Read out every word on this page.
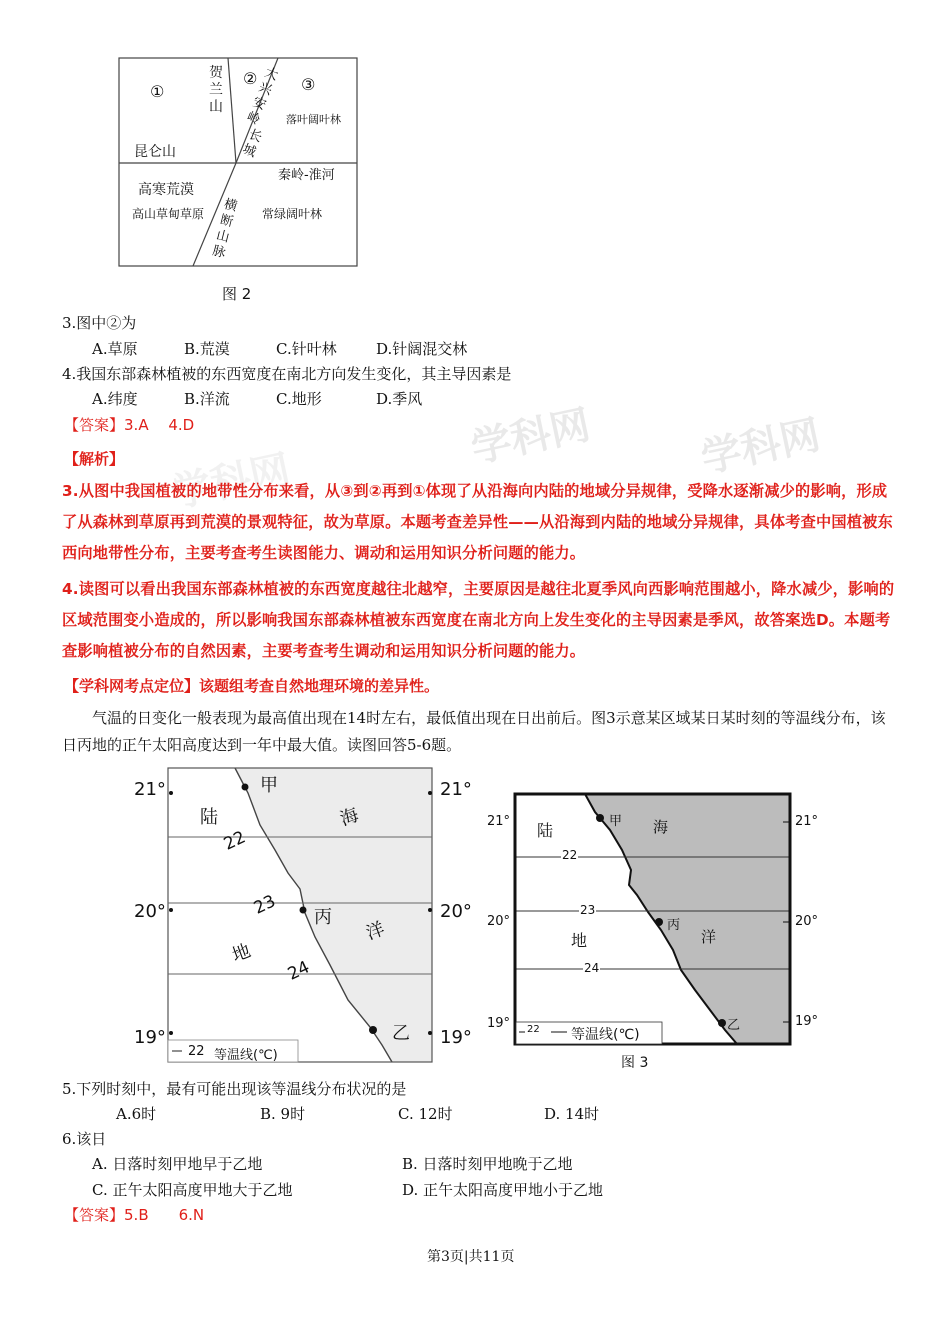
学科网	学科网
学科网
①
②	③
贺兰山
大兴安岭
长城
落叶阔叶林
昆仑山
秦岭-淮河
高寒荒漠
高山草甸草原	横断山脉
常绿阔叶林
图 2
3.图中②为
A.草原	B.荒漠	C.针叶林	D.针阔混交林
4.我国东部森林植被的东西宽度在南北方向发生变化，其主导因素是
A.纬度	B.洋流	C.地形	D.季风
【答案】3.A　 4.D
【解析】
3.从图中我国植被的地带性分布来看，从③到②再到①体现了从沿海向内陆的地域分异规律，受降水逐渐减少的影响，形成了从森林到草原再到荒漠的景观特征，故为草原。本题考查差异性——从沿海到内陆的地域分异规律，具体考查中国植被东西向地带性分布，主要考查考生读图能力、调动和运用知识分析问题的能力。
4.读图可以看出我国东部森林植被的东西宽度越往北越窄，主要原因是越往北夏季风向西影响范围越小，降水减少，影响的区域范围变小造成的，所以影响我国东部森林植被东西宽度在南北方向上发生变化的主导因素是季风，故答案选D。本题考查影响植被分布的自然因素，主要考查考生调动和运用知识分析问题的能力。
【学科网考点定位】该题组考查自然地理环境的差异性。
气温的日变化一般表现为最高值出现在14时左右，最低值出现在日出前后。图3示意某区域某日某时刻的等温线分布，该日丙地的正午太阳高度达到一年中最大值。读图回答5-6题。
21°	21°
20°	20°
19°	19°
陆
地
海
洋
甲
丙
乙
22
23
24
22 等温线(℃)
21°	21°
20°	20°
19°	19°
陆
地
海
洋
甲
丙
乙
22
23
24
22 等温线(℃)
图 3
5.下列时刻中，最有可能出现该等温线分布状况的是
A.6时	B. 9时	C. 12时	D. 14时
6.该日
A. 日落时刻甲地早于乙地	B. 日落时刻甲地晚于乙地
C. 正午太阳高度甲地大于乙地	D. 正午太阳高度甲地小于乙地
【答案】5.B　　6.N
第3页|共11页
